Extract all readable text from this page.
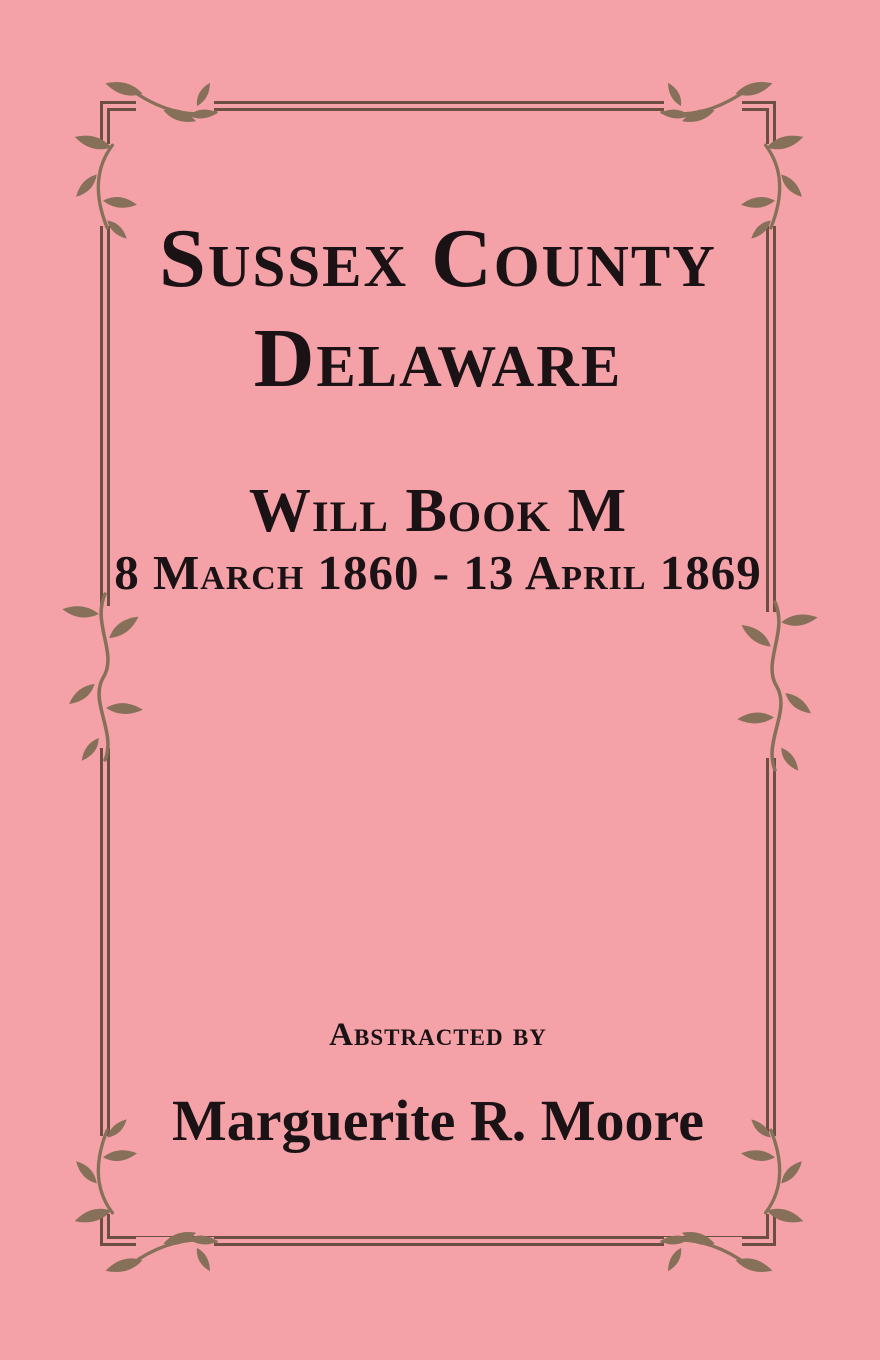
Sussex County
Delaware
Will Book M
8 March 1860 - 13 April 1869
Abstracted by
Marguerite R. Moore
